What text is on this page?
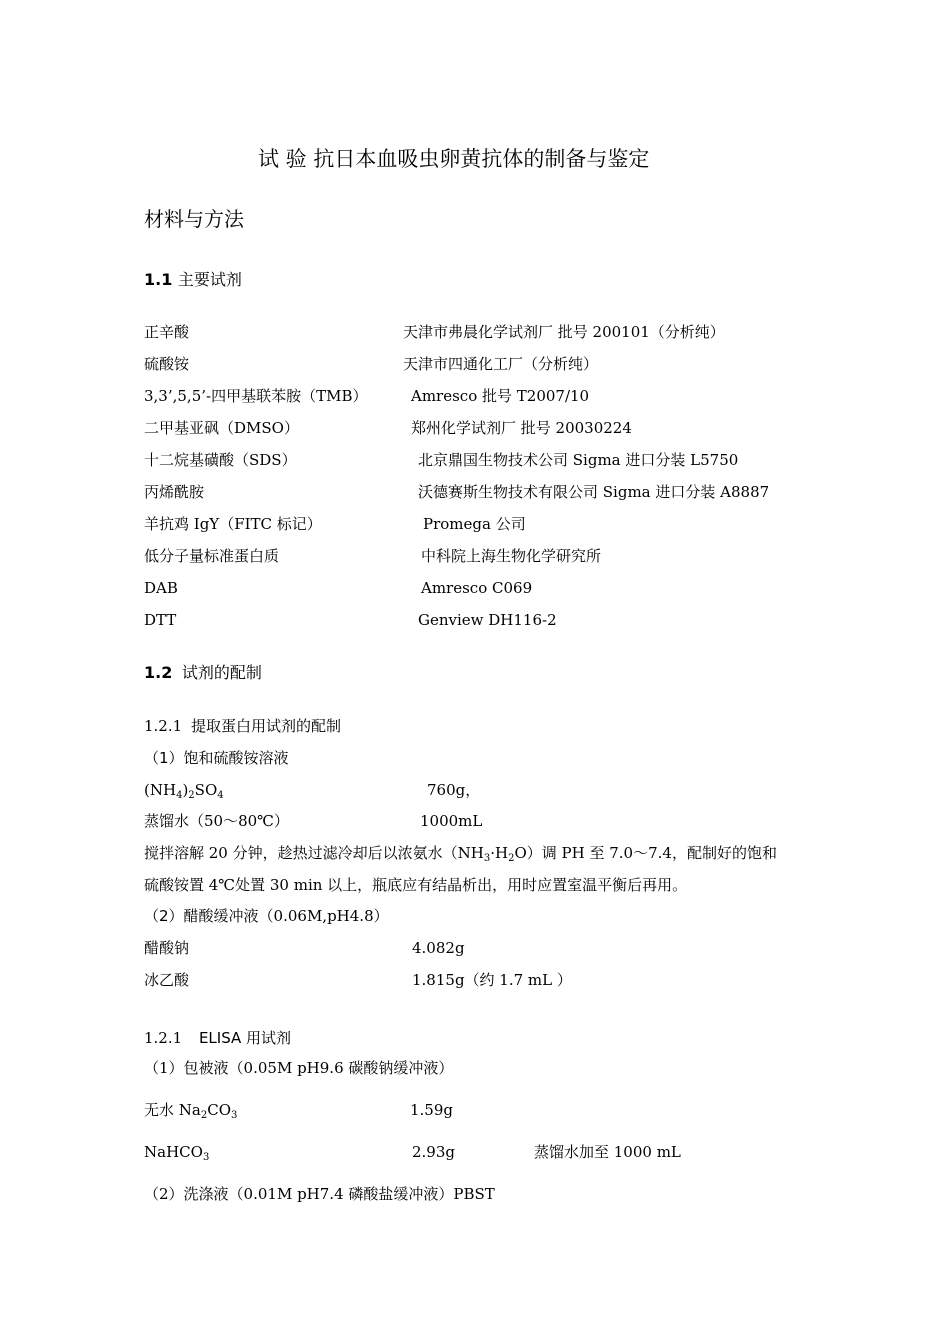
试 验 抗日本血吸虫卵黄抗体的制备与鉴定
材料与方法
1.1 主要试剂
正辛酸	天津市弗晨化学试剂厂 批号 200101（分析纯）
硫酸铵	天津市四通化工厂（分析纯）
3,3’,5,5’-四甲基联苯胺（TMB）	Amresco 批号 T2007/10
二甲基亚砜（DMSO）	郑州化学试剂厂 批号 20030224
十二烷基磺酸（SDS）	北京鼎国生物技术公司 Sigma 进口分装 L5750
丙烯酰胺	沃德赛斯生物技术有限公司 Sigma 进口分装 A8887
羊抗鸡 IgY（FITC 标记）	Promega 公司
低分子量标准蛋白质	中科院上海生物化学研究所
DAB	Amresco C069
DTT	Genview DH116-2
1.2 试剂的配制
1.2.1 提取蛋白用试剂的配制
（1）饱和硫酸铵溶液
$(NH_4)_2SO_4$	760g，
蒸馏水（50～80℃）	1000mL
搅拌溶解 20 分钟，趁热过滤冷却后以浓氨水$(NH_3\cdot H_2O)$调 PH 至 7.0～7.4，配制好的饱和
硫酸铵置 4℃处置 30 min 以上，瓶底应有结晶析出，用时应置室温平衡后再用。
（2）醋酸缓冲液（0.06M,pH4.8）
醋酸钠	4.082g
冰乙酸	1.815g（约 1.7 mL ）
1.2.1 ELISA 用试剂
（1）包被液（0.05M pH9.6 碳酸钠缓冲液）
无水 $Na_2CO_3$	1.59g
NaHCO$_3$	2.93g	蒸馏水加至 1000 mL
（2）洗涤液（0.01M pH7.4 磷酸盐缓冲液）PBST
